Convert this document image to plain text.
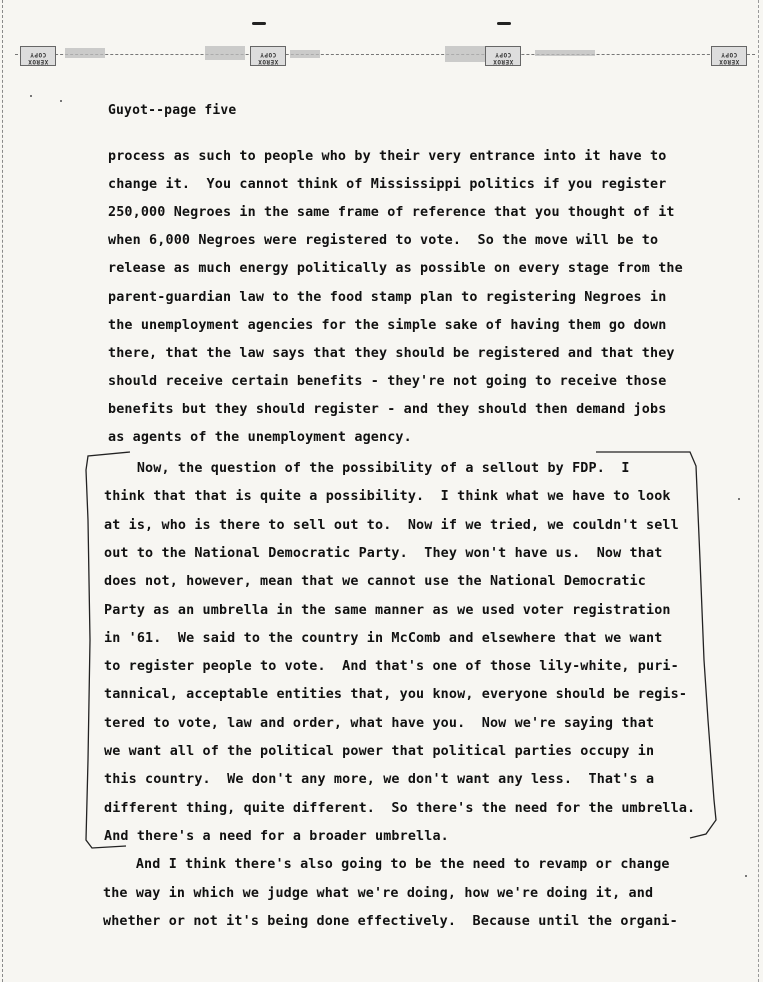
XEROX COPY
XEROX COPY
XEROX COPY
XEROX COPY
Guyot--page five
process as such to people who by their very entrance into it have to
change it.  You cannot think of Mississippi politics if you register
250,000 Negroes in the same frame of reference that you thought of it
when 6,000 Negroes were registered to vote.  So the move will be to
release as much energy politically as possible on every stage from the
parent-guardian law to the food stamp plan to registering Negroes in
the unemployment agencies for the simple sake of having them go down
there, that the law says that they should be registered and that they
should receive certain benefits - they're not going to receive those
benefits but they should register - and they should then demand jobs
as agents of the unemployment agency.
Now, the question of the possibility of a sellout by FDP.  I
think that that is quite a possibility.  I think what we have to look
at is, who is there to sell out to.  Now if we tried, we couldn't sell
out to the National Democratic Party.  They won't have us.  Now that
does not, however, mean that we cannot use the National Democratic
Party as an umbrella in the same manner as we used voter registration
in '61.  We said to the country in McComb and elsewhere that we want
to register people to vote.  And that's one of those lily-white, puri-
tannical, acceptable entities that, you know, everyone should be regis-
tered to vote, law and order, what have you.  Now we're saying that
we want all of the political power that political parties occupy in
this country.  We don't any more, we don't want any less.  That's a
different thing, quite different.  So there's the need for the umbrella.
And there's a need for a broader umbrella.
And I think there's also going to be the need to revamp or change
the way in which we judge what we're doing, how we're doing it, and
whether or not it's being done effectively.  Because until the organi-
